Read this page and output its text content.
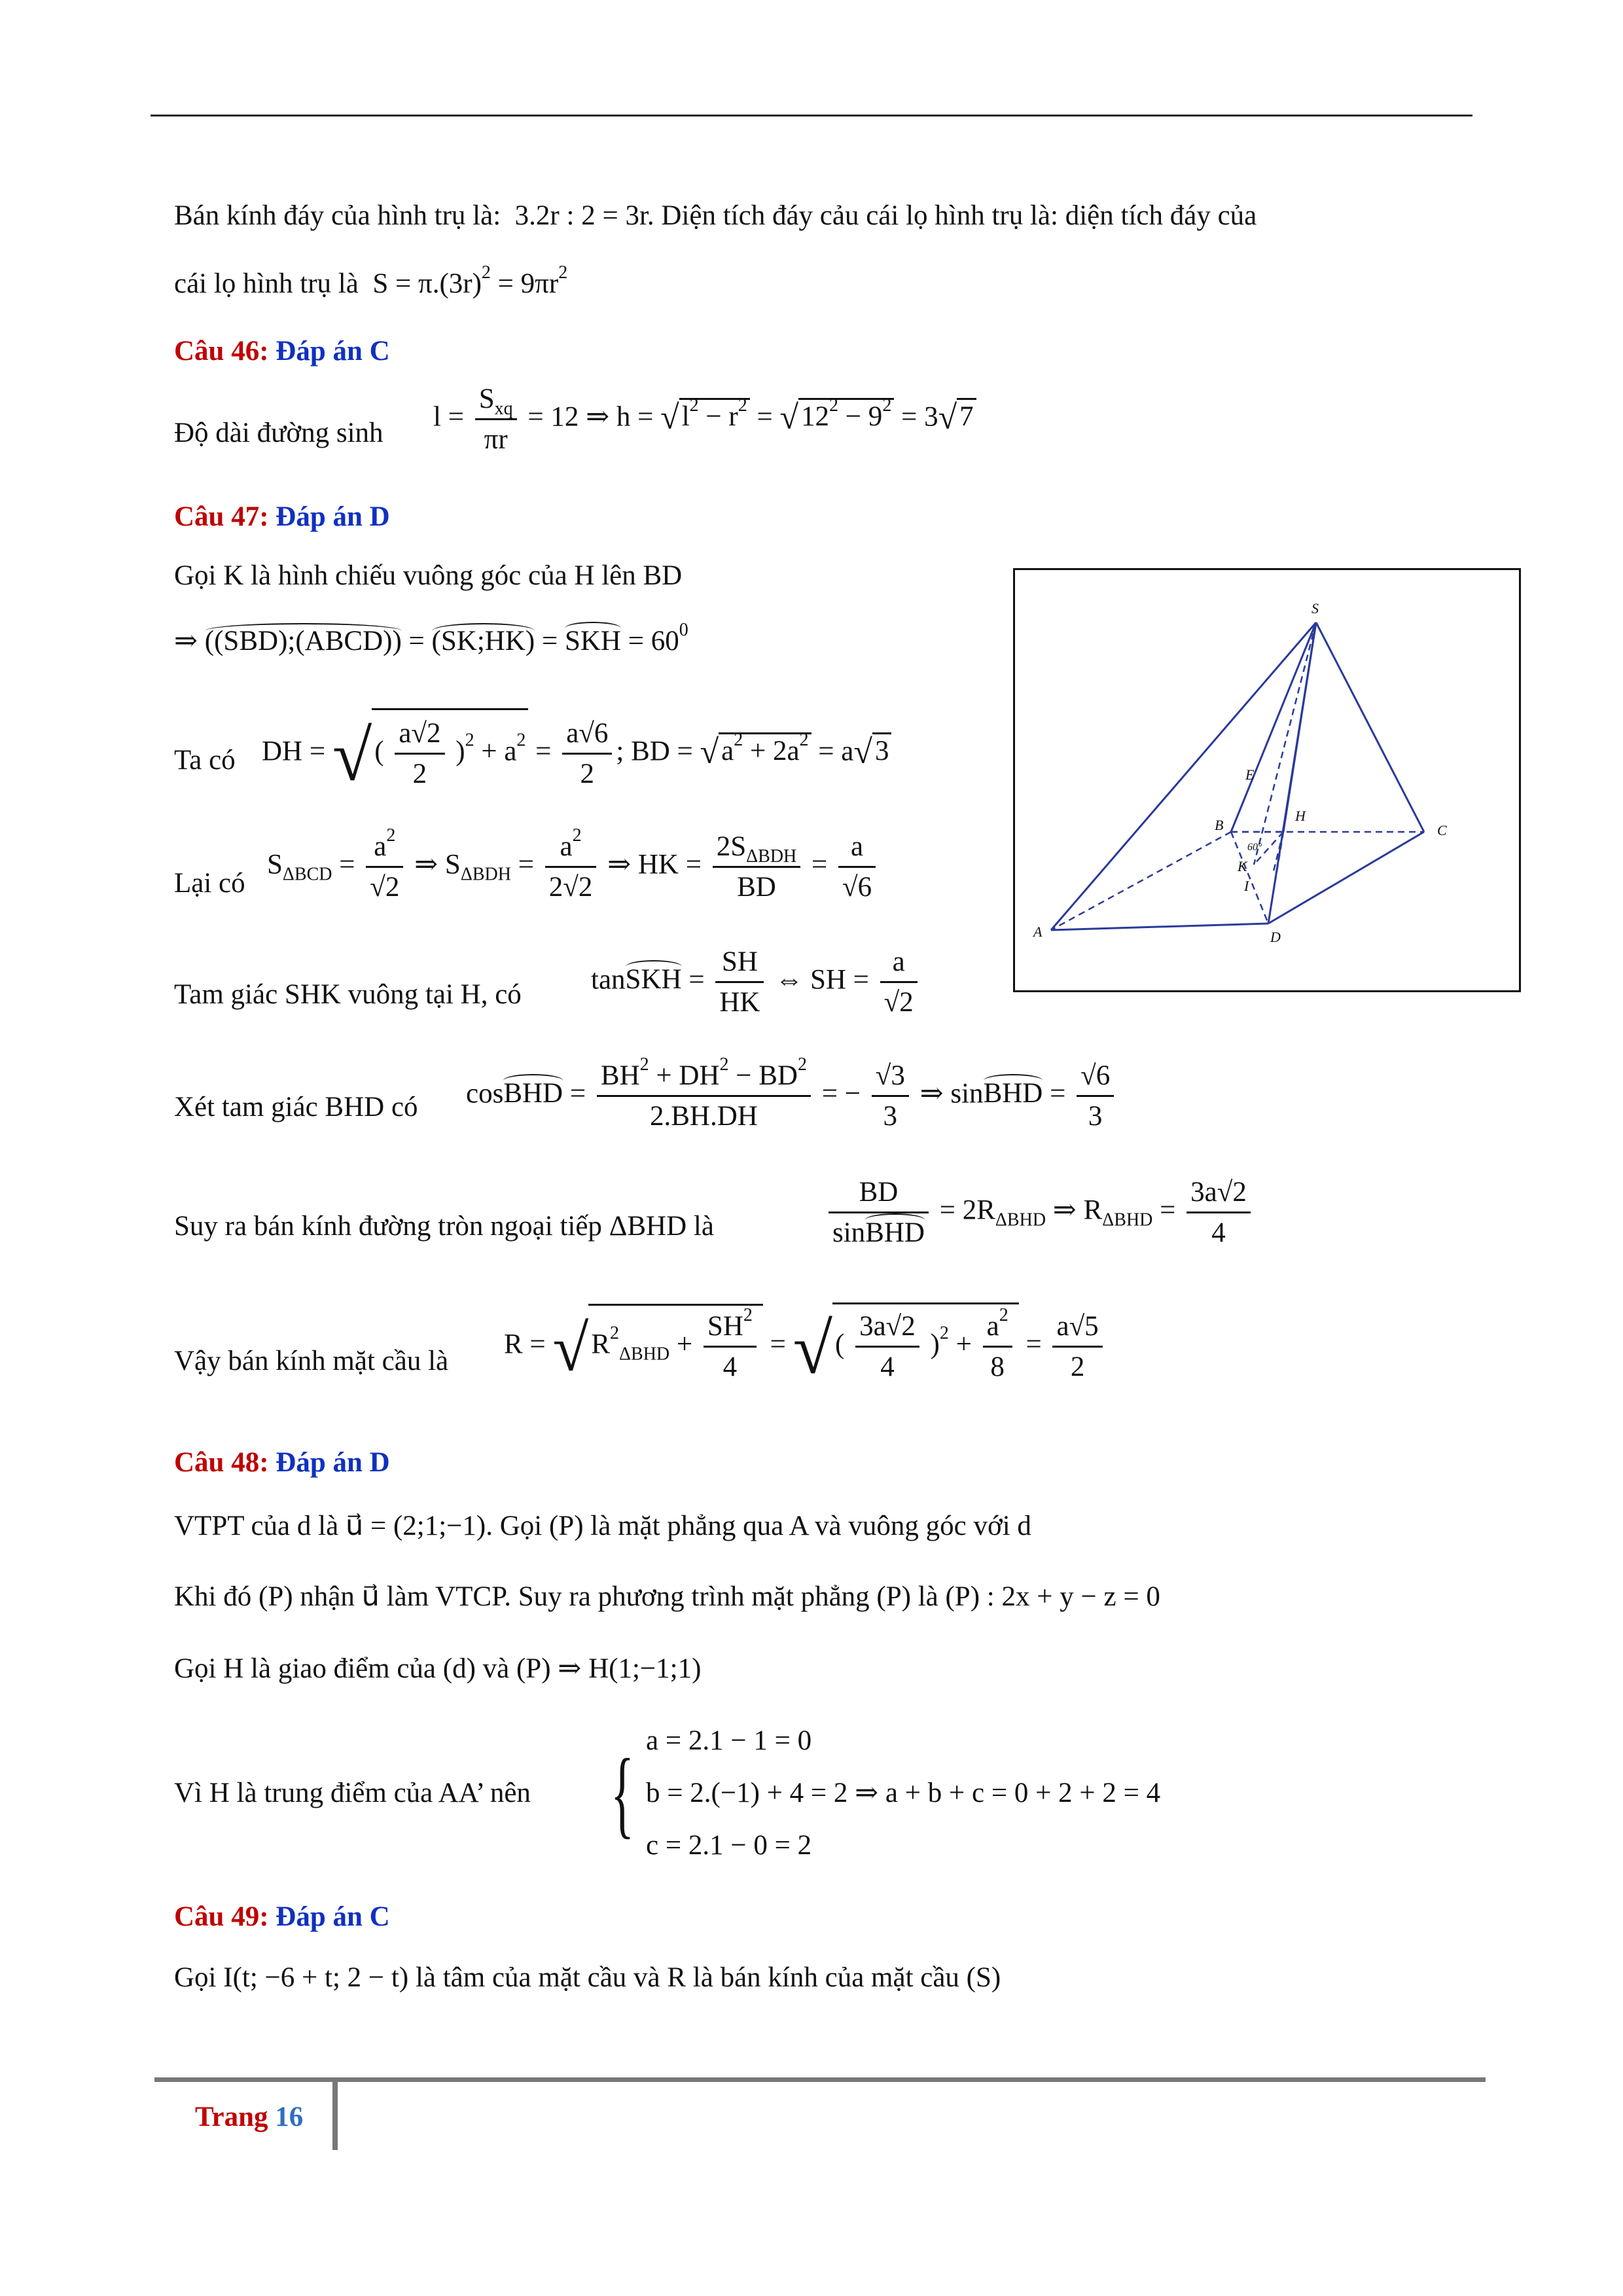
Bán kính đáy của hình trụ là:  3.2r : 2 = 3r. Diện tích đáy cảu cái lọ hình trụ là: diện tích đáy của
cái lọ hình trụ là  $S = \pi.(3r)^2 = 9\pi r^2$
Câu 46: Đáp án C
Độ dài đường sinh
$l = \frac{S_{xq}}{\pi r} = 12$ ⇒ $h = √l^2 - r^2 = √12^2 - 9^2 = 3√7$
Câu 47: Đáp án D
Gọi K là hình chiếu vuông góc của H lên BD
⇒ ((SBD);(ABCD)) = (SK;HK) = SKH = $60^0$
Ta có DH = √( $\frac{a√2}{2} )^2 + a^2 = \frac{a√6}{2}$ ; BD = $√a^2 + 2a^2 = a√3$
Lại có
$S_{\Delta BCD} = \frac{a^2}{√2}$ ⇒ $S_{\Delta BDH} = \frac{a^2}{2√2}$ ⇒ HK = $\frac{2S_{\Delta BDH}}{BD} = \frac{a}{√6}$
Tam giác SHK vuông tại H, có tanSKH = $\frac{SH}{HK}$ ⇔ SH = $\frac{a}{√2}$
Xét tam giác BHD có cosBHD = $\frac{BH^2 + DH^2 - BD^2}{2.BH.DH}$ = − $\frac{√3}{3}$ ⇒ sinBHD = $\frac{√6}{3}$
Suy ra bán kính đường tròn ngoại tiếp ΔBHD là	$\frac{BD}{\text{sinBHD}} = 2R_{\Delta BHD}$ ⇒ $R_{\Delta BHD} = \frac{3a√2}{4}$
Vậy bán kính mặt cầu là
$R = √R^2_{\Delta BHD} + \frac{SH^2}{4}$ = √( $\frac{3a√2}{4} )^2 + \frac{a^2}{8} = \frac{a√5}{2}$
Câu 48: Đáp án D
VTPT của d là u⃗ = (2;1;−1). Gọi (P) là mặt phẳng qua A và vuông góc với d
Khi đó (P) nhận u⃗ làm VTCP. Suy ra phương trình mặt phẳng (P) là (P) : 2x + y − z = 0
Gọi H là giao điểm của (d) và (P) ⇒ H(1;−1;1)
Vì H là trung điểm của AA’ nên { a = 2.1 − 1 = 0
b = 2.(−1) + 4 = 2 ⇒ a + b + c = 0 + 2 + 2 = 4
c = 2.1 − 0 = 2
Câu 49: Đáp án C
Gọi I(t; −6 + t; 2 − t) là tâm của mặt cầu và R là bán kính của mặt cầu (S)
S
A
B	C
D
H
K
I
E
60°
Trang 16
